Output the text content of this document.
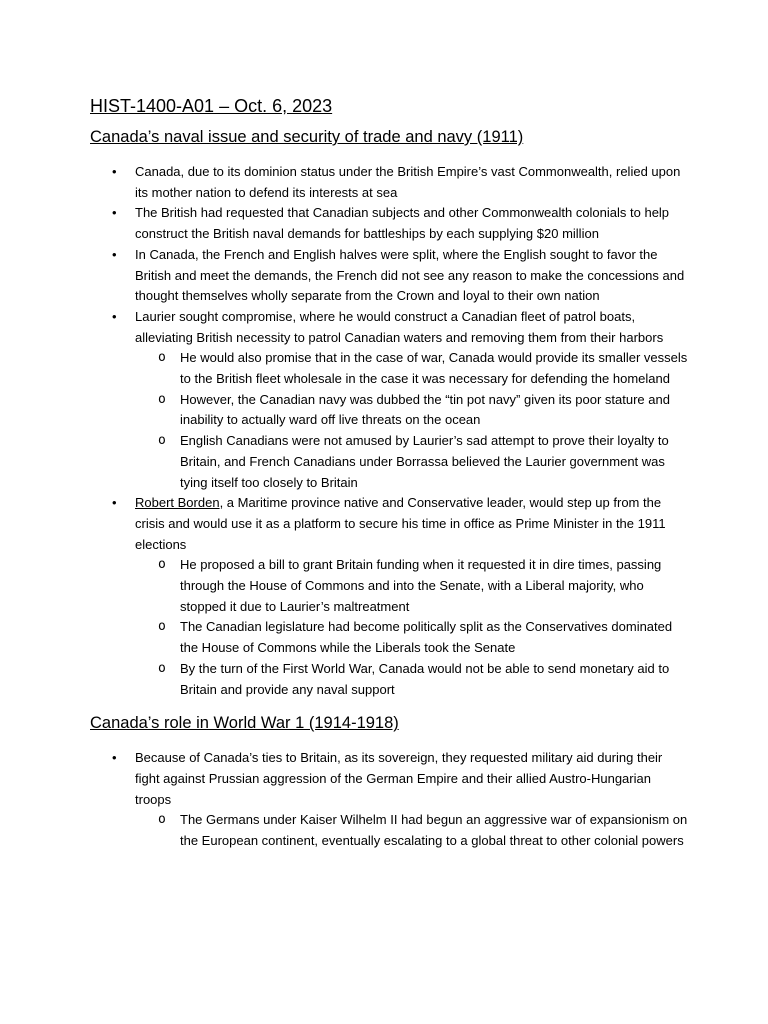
HIST-1400-A01 – Oct. 6, 2023
Canada’s naval issue and security of trade and navy (1911)
• Canada, due to its dominion status under the British Empire’s vast Commonwealth, relied upon its mother nation to defend its interests at sea
• The British had requested that Canadian subjects and other Commonwealth colonials to help construct the British naval demands for battleships by each supplying $20 million
• In Canada, the French and English halves were split, where the English sought to favor the British and meet the demands, the French did not see any reason to make the concessions and thought themselves wholly separate from the Crown and loyal to their own nation
• Laurier sought compromise, where he would construct a Canadian fleet of patrol boats, alleviating British necessity to patrol Canadian waters and removing them from their harbors
o He would also promise that in the case of war, Canada would provide its smaller vessels to the British fleet wholesale in the case it was necessary for defending the homeland
o However, the Canadian navy was dubbed the “tin pot navy” given its poor stature and inability to actually ward off live threats on the ocean
o English Canadians were not amused by Laurier’s sad attempt to prove their loyalty to Britain, and French Canadians under Borrassa believed the Laurier government was tying itself too closely to Britain
• Robert Borden, a Maritime province native and Conservative leader, would step up from the crisis and would use it as a platform to secure his time in office as Prime Minister in the 1911 elections
o He proposed a bill to grant Britain funding when it requested it in dire times, passing through the House of Commons and into the Senate, with a Liberal majority, who stopped it due to Laurier’s maltreatment
o The Canadian legislature had become politically split as the Conservatives dominated the House of Commons while the Liberals took the Senate
o By the turn of the First World War, Canada would not be able to send monetary aid to Britain and provide any naval support
Canada’s role in World War 1 (1914-1918)
• Because of Canada’s ties to Britain, as its sovereign, they requested military aid during their fight against Prussian aggression of the German Empire and their allied Austro-Hungarian troops
o The Germans under Kaiser Wilhelm II had begun an aggressive war of expansionism on the European continent, eventually escalating to a global threat to other colonial powers
